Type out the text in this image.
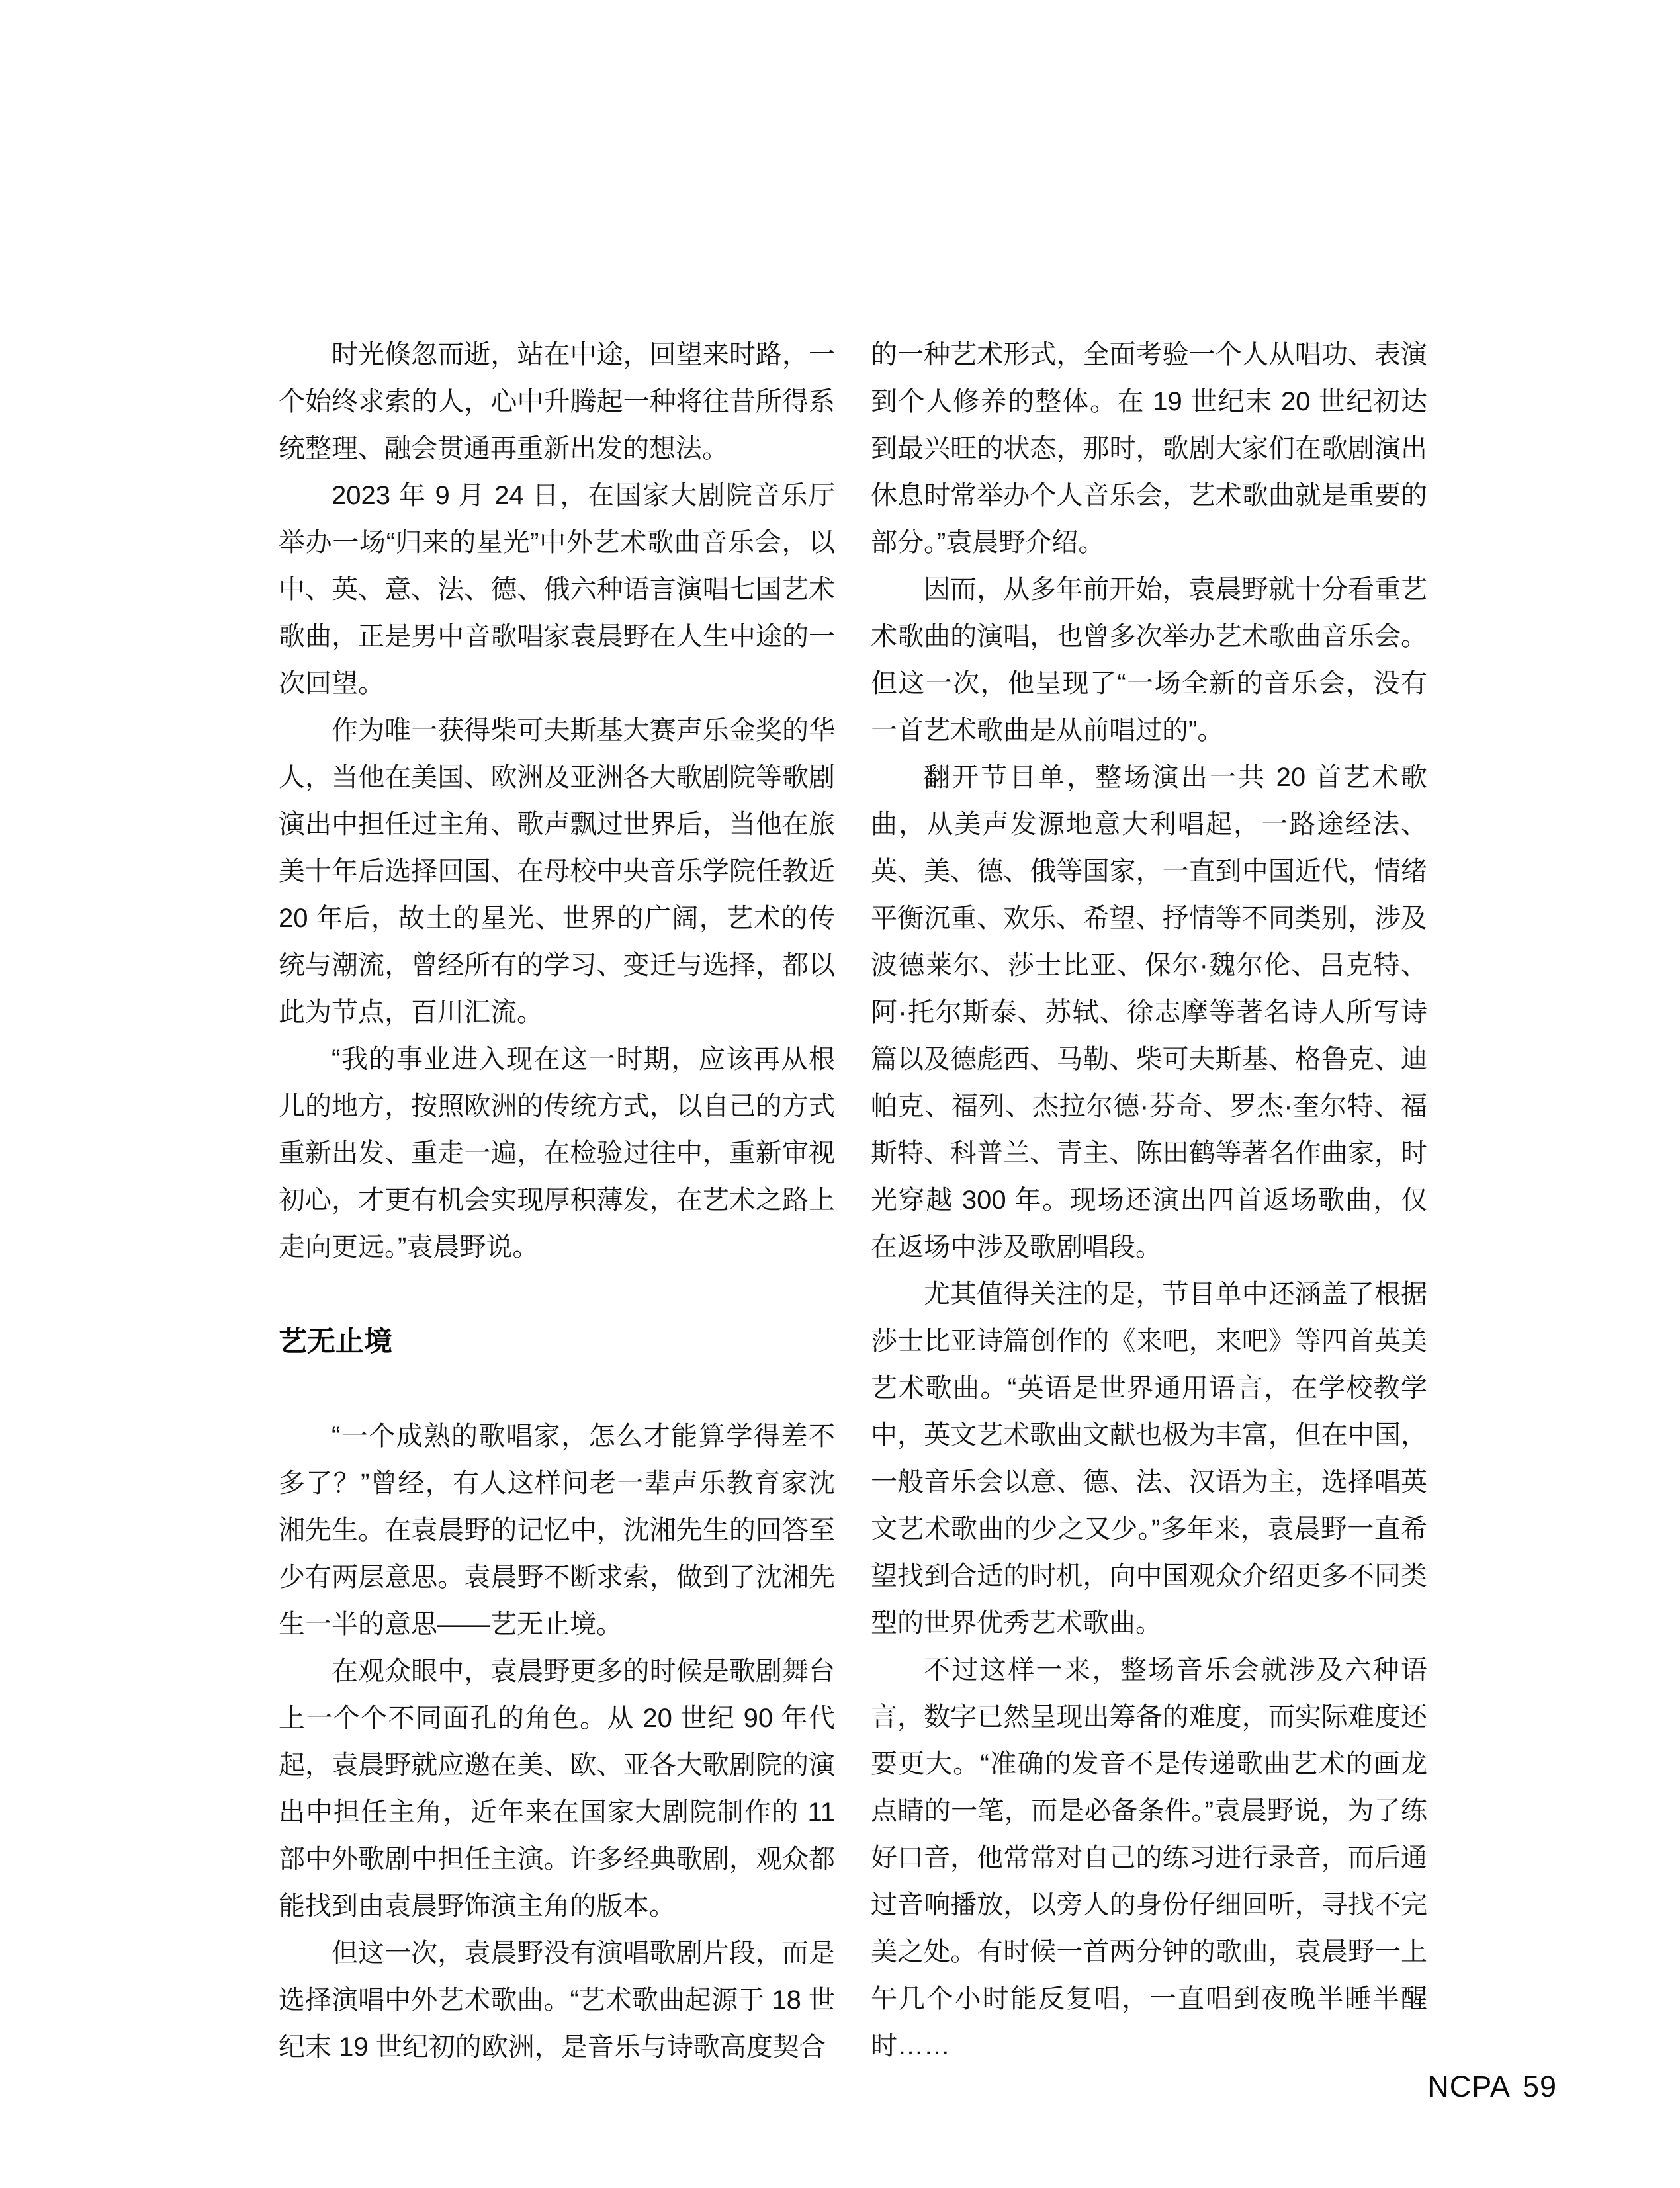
时光倏忽而逝，站在中途，回望来时路，一个始终求索的人，心中升腾起一种将往昔所得系统整理、融会贯通再重新出发的想法。

2023 年 9 月 24 日，在国家大剧院音乐厅举办一场“归来的星光”中外艺术歌曲音乐会，以中、英、意、法、德、俄六种语言演唱七国艺术歌曲，正是男中音歌唱家袁晨野在人生中途的一次回望。

作为唯一获得柴可夫斯基大赛声乐金奖的华人，当他在美国、欧洲及亚洲各大歌剧院等歌剧演出中担任过主角、歌声飘过世界后，当他在旅美十年后选择回国、在母校中央音乐学院任教近 20 年后，故土的星光、世界的广阔，艺术的传统与潮流，曾经所有的学习、变迁与选择，都以此为节点，百川汇流。

“我的事业进入现在这一时期，应该再从根儿的地方，按照欧洲的传统方式，以自己的方式重新出发、重走一遍，在检验过往中，重新审视初心，才更有机会实现厚积薄发，在艺术之路上走向更远。”袁晨野说。

艺无止境

“一个成熟的歌唱家，怎么才能算学得差不多了？”曾经，有人这样问老一辈声乐教育家沈湘先生。在袁晨野的记忆中，沈湘先生的回答至少有两层意思。袁晨野不断求索，做到了沈湘先生一半的意思——艺无止境。

在观众眼中，袁晨野更多的时候是歌剧舞台上一个个不同面孔的角色。从 20 世纪 90 年代起，袁晨野就应邀在美、欧、亚各大歌剧院的演出中担任主角，近年来在国家大剧院制作的 11 部中外歌剧中担任主演。许多经典歌剧，观众都能找到由袁晨野饰演主角的版本。

但这一次，袁晨野没有演唱歌剧片段，而是选择演唱中外艺术歌曲。“艺术歌曲起源于 18 世纪末 19 世纪初的欧洲，是音乐与诗歌高度契合

的一种艺术形式，全面考验一个人从唱功、表演到个人修养的整体。在 19 世纪末 20 世纪初达到最兴旺的状态，那时，歌剧大家们在歌剧演出休息时常举办个人音乐会，艺术歌曲就是重要的部分。”袁晨野介绍。

因而，从多年前开始，袁晨野就十分看重艺术歌曲的演唱，也曾多次举办艺术歌曲音乐会。但这一次，他呈现了“一场全新的音乐会，没有一首艺术歌曲是从前唱过的”。

翻开节目单，整场演出一共 20 首艺术歌曲，从美声发源地意大利唱起，一路途经法、英、美、德、俄等国家，一直到中国近代，情绪平衡沉重、欢乐、希望、抒情等不同类别，涉及波德莱尔、莎士比亚、保尔·魏尔伦、吕克特、阿·托尔斯泰、苏轼、徐志摩等著名诗人所写诗篇以及德彪西、马勒、柴可夫斯基、格鲁克、迪帕克、福列、杰拉尔德·芬奇、罗杰·奎尔特、福斯特、科普兰、青主、陈田鹤等著名作曲家，时光穿越 300 年。现场还演出四首返场歌曲，仅在返场中涉及歌剧唱段。

尤其值得关注的是，节目单中还涵盖了根据莎士比亚诗篇创作的《来吧，来吧》等四首英美艺术歌曲。“英语是世界通用语言，在学校教学中，英文艺术歌曲文献也极为丰富，但在中国，一般音乐会以意、德、法、汉语为主，选择唱英文艺术歌曲的少之又少。”多年来，袁晨野一直希望找到合适的时机，向中国观众介绍更多不同类型的世界优秀艺术歌曲。

不过这样一来，整场音乐会就涉及六种语言，数字已然呈现出筹备的难度，而实际难度还要更大。“准确的发音不是传递歌曲艺术的画龙点睛的一笔，而是必备条件。”袁晨野说，为了练好口音，他常常对自己的练习进行录音，而后通过音响播放，以旁人的身份仔细回听，寻找不完美之处。有时候一首两分钟的歌曲，袁晨野一上午几个小时能反复唱，一直唱到夜晚半睡半醒时……

NCPA 59
